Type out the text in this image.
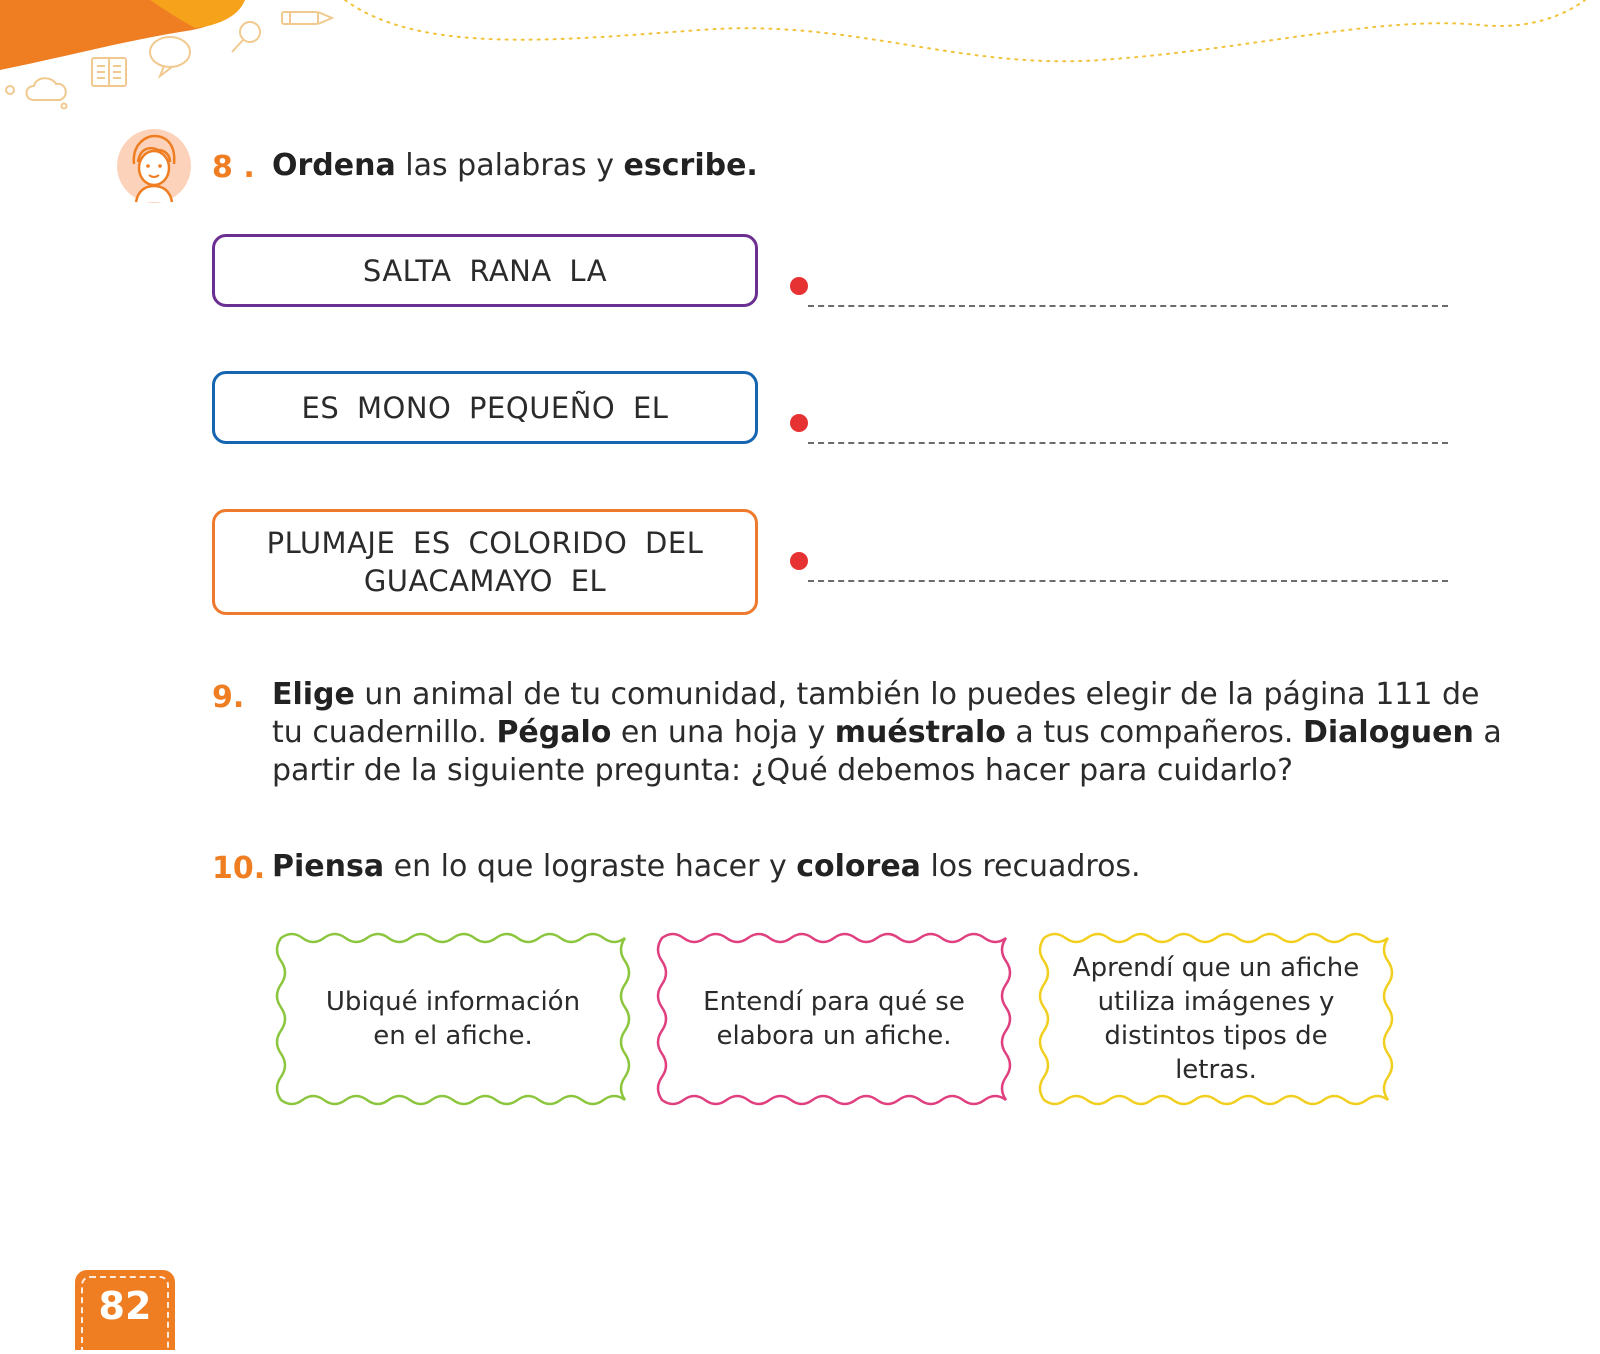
8 . Ordena las palabras y escribe.
SALTA RANA LA
ES MONO PEQUEÑO EL
PLUMAJE ES COLORIDO DEL
GUACAMAYO EL
9. Elige un animal de tu comunidad, también lo puedes elegir de la página 111 de
tu cuadernillo. Pégalo en una hoja y muéstralo a tus compañeros. Dialoguen a
partir de la siguiente pregunta: ¿Qué debemos hacer para cuidarlo?
10. Piensa en lo que lograste hacer y colorea los recuadros.
Ubiqué información
en el afiche.
Entendí para qué se
elabora un afiche.
Aprendí que un afiche
utiliza imágenes y
distintos tipos de letras.
82
